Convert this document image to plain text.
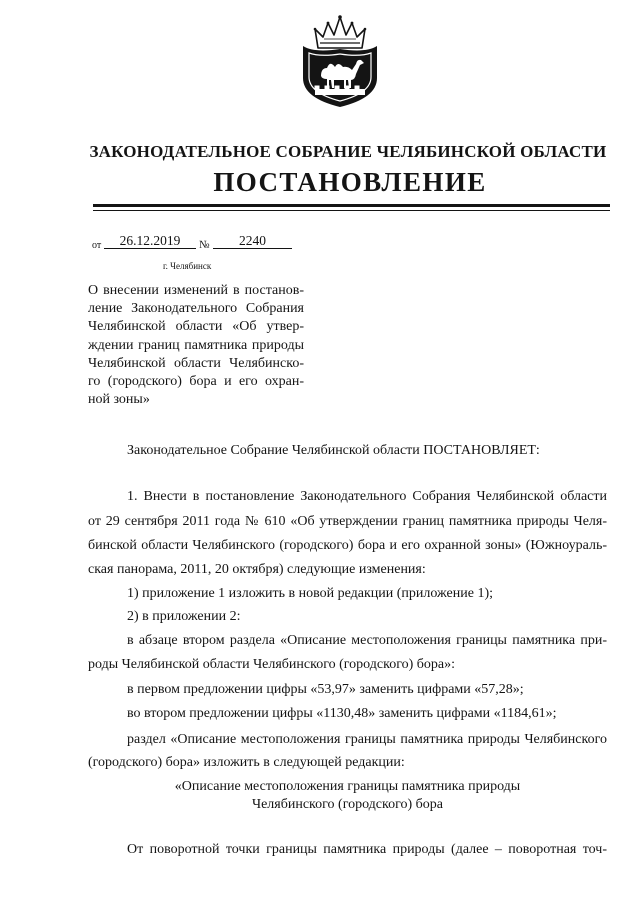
ЗАКОНОДАТЕЛЬНОЕ СОБРАНИЕ ЧЕЛЯБИНСКОЙ ОБЛАСТИ
ПОСТАНОВЛЕНИЕ
от	26.12.2019	№	2240
г. Челябинск
О внесении изменений в постанов-
ление Законодательного Собрания
Челябинской области «Об утвер-
ждении границ памятника природы
Челябинской области Челябинско-
го (городского) бора и его охран-
ной зоны»
Законодательное Собрание Челябинской области ПОСТАНОВЛЯЕТ:
1. Внести в постановление Законодательного Собрания Челябинской области
от 29 сентября 2011 года № 610 «Об утверждении границ памятника природы Челя-
бинской области Челябинского (городского) бора и его охранной зоны» (Южноураль-
ская панорама, 2011, 20 октября) следующие изменения:
1) приложение 1 изложить в новой редакции (приложение 1);
2) в приложении 2:
в абзаце втором раздела «Описание местоположения границы памятника при-
роды Челябинской области Челябинского (городского) бора»:
в первом предложении цифры «53,97» заменить цифрами «57,28»;
во втором предложении цифры «1130,48» заменить цифрами «1184,61»;
раздел «Описание местоположения границы памятника природы Челябинского
(городского) бора» изложить в следующей редакции:
«Описание местоположения границы памятника природы
Челябинского (городского) бора
От поворотной точки границы памятника природы (далее – поворотная точ-
